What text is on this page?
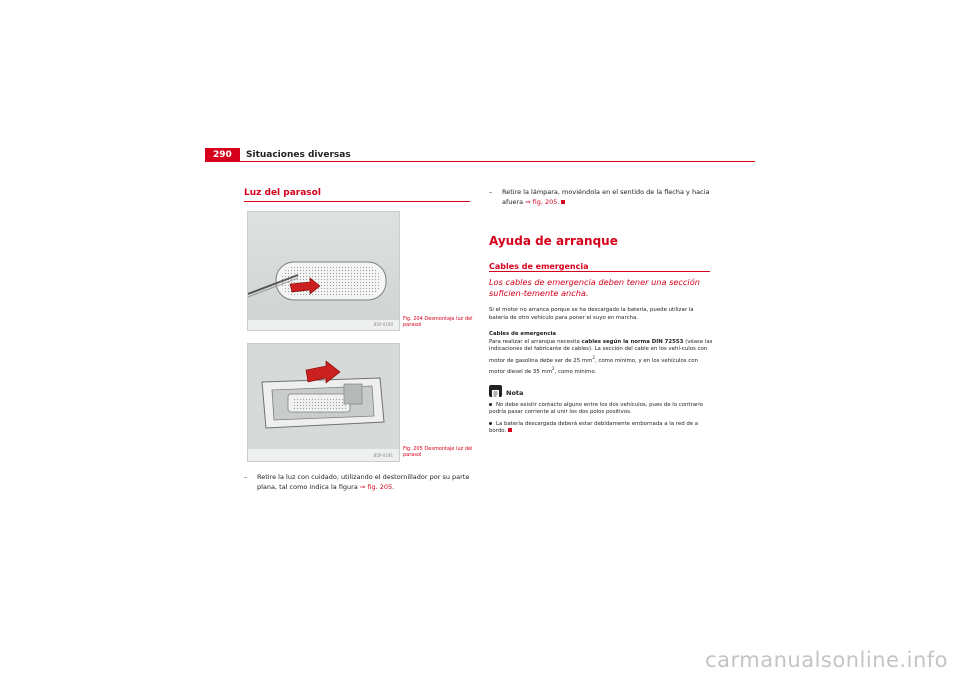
290	Situaciones diversas
Luz del parasol
B5P-0190
Fig. 204 Desmontaje luz del parasol
B5P-0191
Fig. 205 Desmontaje luz del parasol
–	Retire la luz con cuidado, utilizando el destornillador por su parte plana, tal como indica la figura ⇒ fig. 205.
–	Retire la lámpara, moviéndola en el sentido de la flecha y hacia afuera ⇒ fig. 205.
Ayuda de arranque
Cables de emergencia
Los cables de emergencia deben tener una sección suficien-temente ancha.
Si el motor no arranca porque se ha descargado la batería, puede utilizar la batería de otro vehículo para poner el suyo en marcha.
Cables de emergencia
Para realizar el arranque necesita cables según la norma DIN 72553 (véase las indicaciones del fabricante de cables). La sección del cable en los vehí-culos con motor de gasolina debe ser de 25 $mm^2$, como mínimo, y en los vehículos con motor diesel de 35 $mm^2$, como mínimo.
Nota
No debe existir contacto alguno entre los dos vehículos, pues de lo contrario podría pasar corriente al unir los dos polos positivos.
La batería descargada deberá estar debidamente embornada a la red de a bordo.
carmanualsonline.info
